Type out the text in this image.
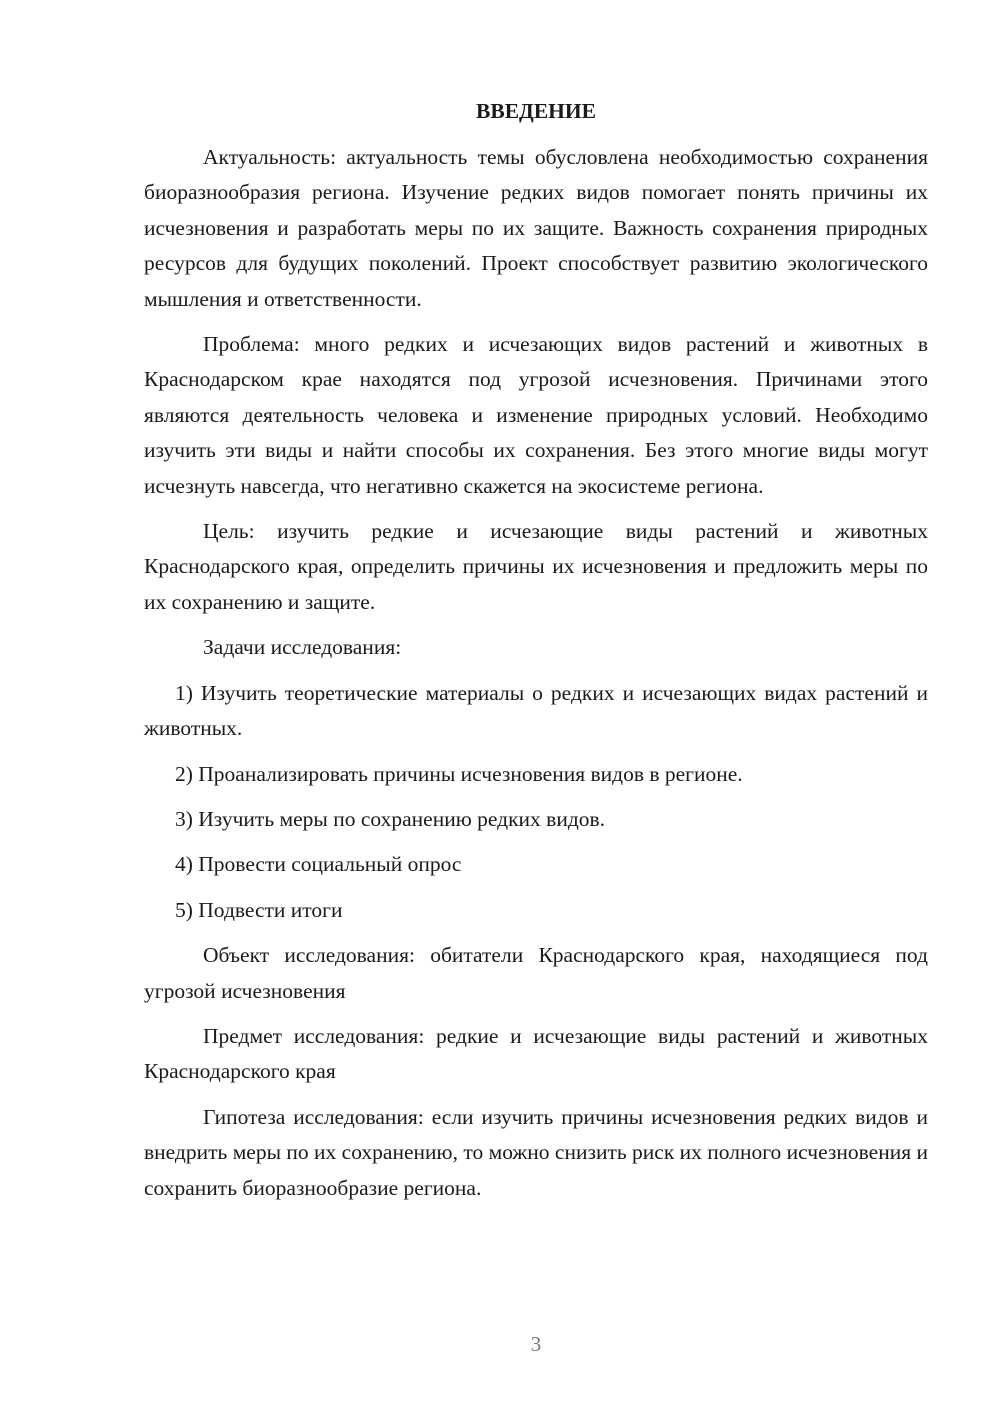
ВВЕДЕНИЕ

Актуальность: актуальность темы обусловлена необходимостью сохранения биоразнообразия региона. Изучение редких видов помогает понять причины их исчезновения и разработать меры по их защите. Важность сохранения природных ресурсов для будущих поколений. Проект способствует развитию экологического мышления и ответственности.

Проблема: много редких и исчезающих видов растений и животных в Краснодарском крае находятся под угрозой исчезновения. Причинами этого являются деятельность человека и изменение природных условий. Необходимо изучить эти виды и найти способы их сохранения. Без этого многие виды могут исчезнуть навсегда, что негативно скажется на экосистеме региона.

Цель: изучить редкие и исчезающие виды растений и животных Краснодарского края, определить причины их исчезновения и предложить меры по их сохранению и защите.

Задачи исследования:

1) Изучить теоретические материалы о редких и исчезающих видах растений и животных.

2) Проанализировать причины исчезновения видов в регионе.

3) Изучить меры по сохранению редких видов.

4) Провести социальный опрос

5) Подвести итоги

Объект исследования: обитатели Краснодарского края, находящиеся под угрозой исчезновения

Предмет исследования: редкие и исчезающие виды растений и животных Краснодарского края

Гипотеза исследования: если изучить причины исчезновения редких видов и внедрить меры по их сохранению, то можно снизить риск их полного исчезновения и сохранить биоразнообразие региона.

3
